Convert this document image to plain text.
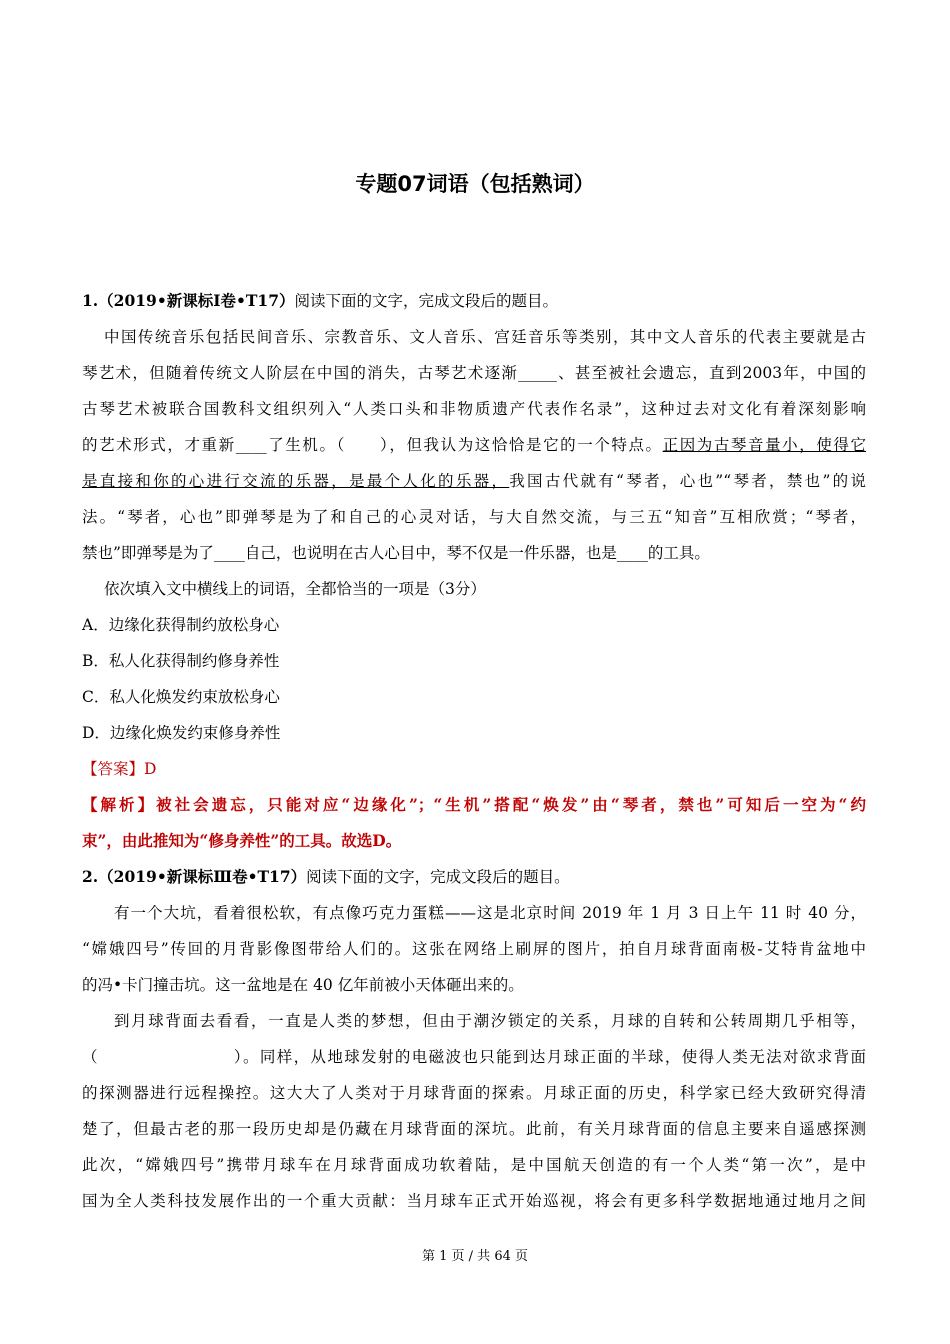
专题07词语（包括熟词）
1.（2019•新课标Ⅰ卷•T17）阅读下面的文字，完成文段后的题目。
中国传统音乐包括民间音乐、宗教音乐、文人音乐、宫廷音乐等类别，其中文人音乐的代表主要就是古
琴艺术，但随着传统文人阶层在中国的消失，古琴艺术逐渐_____、甚至被社会遗忘，直到2003年，中国的
古琴艺术被联合国教科文组织列入“人类口头和非物质遗产代表作名录”，这种过去对文化有着深刻影响
的艺术形式，才重新____了生机。（　　），但我认为这恰恰是它的一个特点。正因为古琴音量小，使得它
是直接和你的心进行交流的乐器，是最个人化的乐器，我国古代就有“琴者，心也”“琴者，禁也”的说
法。“琴者，心也”即弹琴是为了和自己的心灵对话，与大自然交流，与三五“知音”互相欣赏；“琴者，
禁也”即弹琴是为了____自己，也说明在古人心目中，琴不仅是一件乐器，也是____的工具。
依次填入文中横线上的词语，全都恰当的一项是（3分）
A．边缘化获得制约放松身心
B．私人化获得制约修身养性
C．私人化焕发约束放松身心
D．边缘化焕发约束修身养性
【答案】D
【解析】被社会遗忘，只能对应“边缘化”；“生机”搭配“焕发”由“琴者，禁也”可知后一空为“约
束”，由此推知为“修身养性”的工具。故选D。
2.（2019•新课标Ⅲ卷•T17）阅读下面的文字，完成文段后的题目。
有一个大坑，看着很松软，有点像巧克力蛋糕——这是北京时间 2019 年 1 月 3 日上午 11 时 40 分，
“嫦娥四号”传回的月背影像图带给人们的。这张在网络上刷屏的图片，拍自月球背面南极-艾特肯盆地中
的冯•卡门撞击坑。这一盆地是在 40 亿年前被小天体砸出来的。
到月球背面去看看，一直是人类的梦想，但由于潮汐锁定的关系，月球的自转和公转周期几乎相等，
（　　　　　　　　）。同样，从地球发射的电磁波也只能到达月球正面的半球，使得人类无法对欲求背面
的探测器进行远程操控。这大大了人类对于月球背面的探索。月球正面的历史，科学家已经大致研究得清
楚了，但最古老的那一段历史却是仍藏在月球背面的深坑。此前，有关月球背面的信息主要来自遥感探测
此次，“嫦娥四号”携带月球车在月球背面成功软着陆，是中国航天创造的有一个人类“第一次”，是中
国为全人类科技发展作出的一个重大贡献：当月球车正式开始巡视，将会有更多科学数据地通过地月之间
第 1 页 / 共 64 页
